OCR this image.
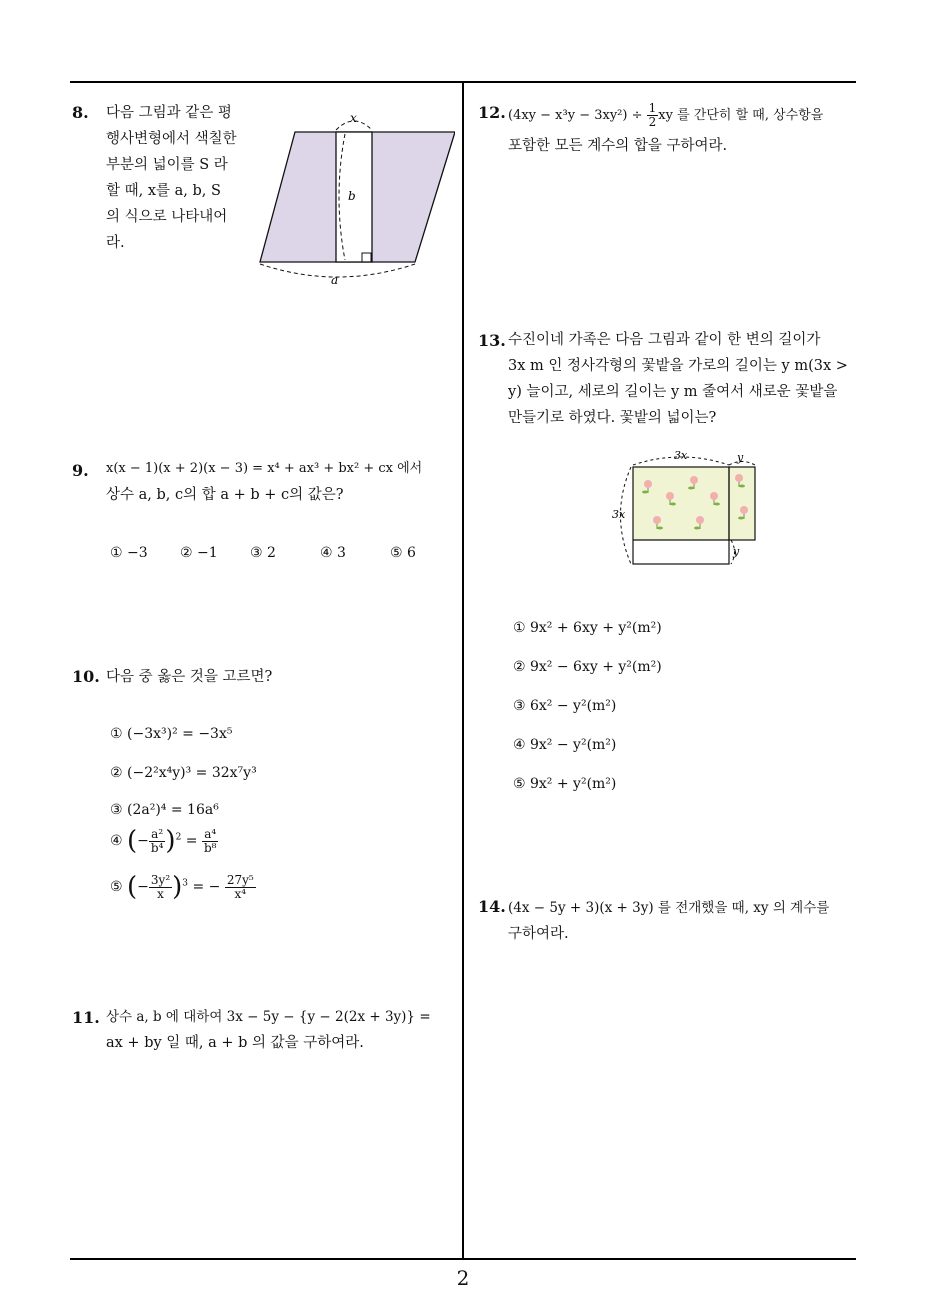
8. 다음 그림과 같은 평
행사변형에서 색칠한
부분의 넓이를 S 라
할 때, x를 a, b, S
의 식으로 나타내어
라.
x
b
a
9. x(x − 1)(x + 2)(x − 3) = x⁴ + ax³ + bx² + cx 에서
상수 a, b, c의 합 a + b + c의 값은?
① −3 ② −1 ③ 2	④ 3	⑤ 6
10. 다음 중 옳은 것을 고르면?
① (−3x³)² = −3x⁵
② (−2²x⁴y)³ = 32x⁷y³
③ (2a²)⁴ = 16a⁶
④ (− $\frac{\text{a²}}{\text{b⁴}} )^2 = \frac{\text{a⁴}}{\text{b⁸}}$
⑤ (− $\frac{\text{3y²}}{x} )^3$ = − $\frac{\text{27y⁵}}{\text{x⁴}}$
11. 상수 a, b 에 대하여 3x − 5y − {y − 2(2x + 3y)} =
ax + by 일 때, a + b 의 값을 구하여라.
12. $(4xy - x^3y - 3xy^2) \div \frac{1}{2}$ xy 를 간단히 할 때, 상수항을
포함한 모든 계수의 합을 구하여라.
13. 수진이네 가족은 다음 그림과 같이 한 변의 길이가
3x m 인 정사각형의 꽃밭을 가로의 길이는 y m(3x >
y) 늘이고, 세로의 길이는 y m 줄여서 새로운 꽃밭을
만들기로 하였다. 꽃밭의 넓이는?
3x	y
3x
y
① 9x² + 6xy + y²(m²)
② 9x² − 6xy + y²(m²)
③ 6x² − y²(m²)
④ 9x² − y²(m²)
⑤ 9x² + y²(m²)
14. (4x − 5y + 3)(x + 3y) 를 전개했을 때, xy 의 계수를
구하여라.
2
